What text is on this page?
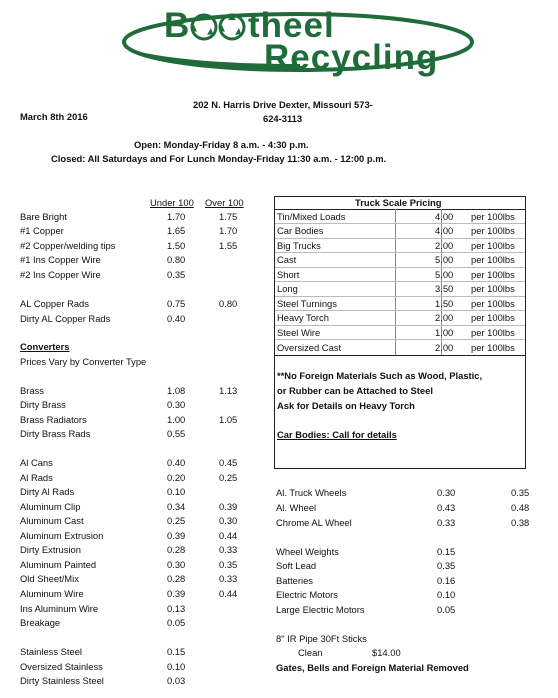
B theel
Recycling
202 N. Harris Drive Dexter, Missouri 573-
March 8th 2016	624-3113
Open: Monday-Friday 8 a.m. - 4:30 p.m.
Closed: All Saturdays and For Lunch Monday-Friday 11:30 a.m. - 12:00 p.m.
Under 100 Over 100
Bare Bright	1.70	1.75
#1 Copper	1.65	1.70
#2 Copper/welding tips	1.50	1.55
#1 Ins Copper Wire	0.80
#2 Ins Copper Wire	0.35
AL Copper Rads	0.75	0.80
Dirty AL Copper Rads	0.40
Converters
Prices Vary by Converter Type
Brass	1.08	1.13
Dirty Brass	0.30
Brass Radiators	1.00	1.05
Dirty Brass Rads	0.55
Al Cans	0.40	0.45
Al Rads	0.20	0.25
Dirty Al Rads	0.10
Aluminum Clip	0.34	0.39
Aluminum Cast	0.25	0.30
Aluminum Extrusion	0.39	0.44
Dirty Extrusion	0.28	0.33
Aluminum Painted	0.30	0.35
Old Sheet/Mix	0.28	0.33
Aluminum Wire	0.39	0.44
Ins Aluminum Wire	0.13
Breakage	0.05
Stainless Steel	0.15
Oversized Stainless	0.10
Dirty Stainless Steel	0.03
Truck Scale Pricing
Tin/Mixed Loads	4.00 per 100lbs
Car Bodies	4.00 per 100lbs
Big Trucks	2.00 per 100lbs
Cast	5.00 per 100lbs
Short	5.00 per 100lbs
Long	3.50 per 100lbs
Steel Turnings	1.50 per 100lbs
Heavy Torch	2.00 per 100lbs
Steel Wire	1.00 per 100lbs
Oversized Cast	2.00 per 100lbs
**No Foreign Materials Such as Wood, Plastic,
or Rubber can be Attached to Steel
Ask for Details on Heavy Torch
Car Bodies: Call for details
Al. Truck Wheels	0.30	0.35
Al. Wheel	0.43	0.48
Chrome AL Wheel	0.33	0.38
Wheel Weights	0.15
Soft Lead	0.35
Batteries	0.16
Electric Motors	0.10
Large Electric Motors	0.05
8" IR Pipe 30Ft Sticks
Clean	$14.00
Gates, Bells and Foreign Material Removed
